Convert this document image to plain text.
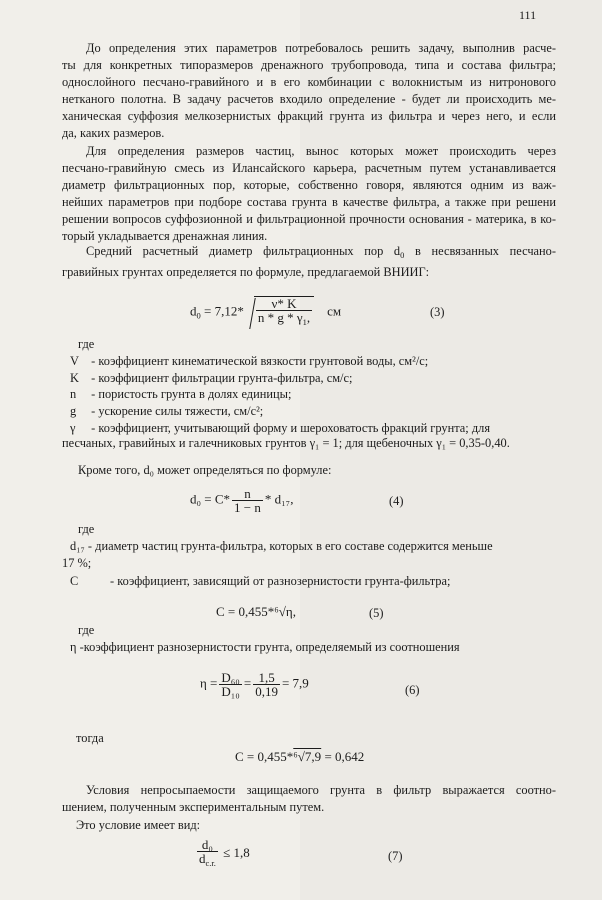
111
До определения этих параметров потребовалось решить задачу, выполнив расче-
ты для конкретных типоразмеров дренажного трубопровода, типа и состава фильтра;
однослойного песчано-гравийного и в его комбинации с волокнистым из нитронового
нетканого полотна. В задачу расчетов входило определение - будет ли происходить ме-
ханическая суффозия мелкозернистых фракций грунта из фильтра и через него, и если
да, каких размеров.
Для определения размеров частиц, вынос которых может происходить через
песчано-гравийную смесь из Илансайского карьера, расчетным путем устанавливается
диаметр фильтрационных пор, которые, собственно говоря, являются одним из важ-
нейших параметров при подборе состава грунта в качестве фильтра, а также при решени
решении вопросов суффозионной и фильтрационной прочности основания - материка, в ко-
торый укладывается дренажная линия.
Средний расчетный диаметр фильтрационных пор $d_0$ в несвязанных песчано-
гравийных грунтах определяется по формуле, предлагаемой ВНИИГ:
$d_0 = 7,12* \frac{\nu* K}{n * g * \gamma_1,}$ см	(3)
где
V - коэффициент кинематической вязкости грунтовой воды, см²/с;
K - коэффициент фильтрации грунта-фильтра, см/с;
n - пористость грунта в долях единицы;
g - ускорение силы тяжести, см/с²;
γ - коэффициент, учитывающий форму и шероховатость фракций грунта; для
песчаных, гравийных и галечниковых грунтов γ₁ = 1; для щебеночных γ₁ = 0,35-0,40.
Кроме того, d₀ может определяться по формуле:
$d_0 = C* \frac{n}{1 - n} * d_{17}$,	(4)
где
d₁₇ - диаметр частиц грунта-фильтра, которых в его составе содержится меньше
17 %;
C	- коэффициент, зависящий от разнозернистости грунта-фильтра;
C = 0,455*⁶√η,	(5)
где
η -коэффициент разнозернистости грунта, определяемый из соотношения
$\eta = \frac{\text{D₆₀}}{\text{D₁₀}} = \frac{1,5}{0,19} = 7,9$	(6)
тогда
C = 0,455*⁶√7,9 = 0,642
Условия непросыпаемости защищаемого грунта в фильтр выражается соотно-
шением, полученным экспериментальным путем.
Это условие имеет вид:
$\frac{\text{d₀}}{d_{c.r.}} \le 1,8$	(7)
